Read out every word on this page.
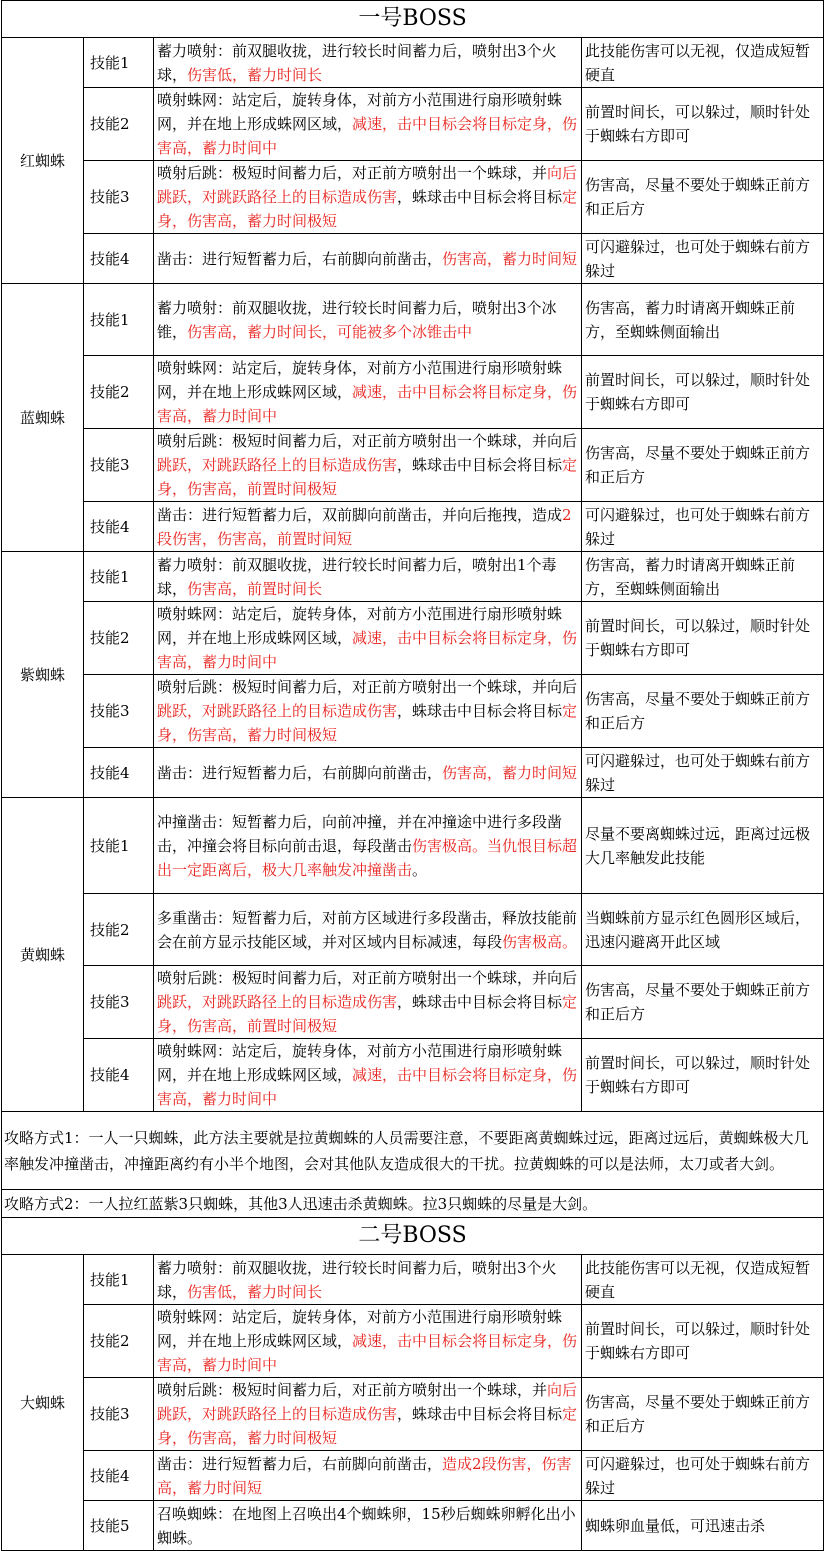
一号BOSS			
红蜘蛛	技能1	蓄力喷射：前双腿收拢，进行较长时间蓄力后，喷射出3个火球，伤害低，蓄力时间长	此技能伤害可以无视，仅造成短暂硬直
	技能2	喷射蛛网：站定后，旋转身体，对前方小范围进行扇形喷射蛛网，并在地上形成蛛网区域，减速，击中目标会将目标定身，伤害高，蓄力时间中	前置时间长，可以躲过，顺时针处于蜘蛛右方即可
	技能3	喷射后跳：极短时间蓄力后，对正前方喷射出一个蛛球，并向后跳跃，对跳跃路径上的目标造成伤害，蛛球击中目标会将目标定身，伤害高，蓄力时间极短	伤害高，尽量不要处于蜘蛛正前方和正后方
	技能4	凿击：进行短暂蓄力后，右前脚向前凿击，伤害高，蓄力时间短	可闪避躲过，也可处于蜘蛛右前方躲过
蓝蜘蛛	技能1	蓄力喷射：前双腿收拢，进行较长时间蓄力后，喷射出3个冰锥，伤害高，蓄力时间长，可能被多个冰锥击中	伤害高，蓄力时请离开蜘蛛正前方，至蜘蛛侧面输出
	技能2	喷射蛛网：站定后，旋转身体，对前方小范围进行扇形喷射蛛网，并在地上形成蛛网区域，减速，击中目标会将目标定身，伤害高，蓄力时间中	前置时间长，可以躲过，顺时针处于蜘蛛右方即可
	技能3	喷射后跳：极短时间蓄力后，对正前方喷射出一个蛛球，并向后跳跃，对跳跃路径上的目标造成伤害，蛛球击中目标会将目标定身，伤害高，前置时间极短	伤害高，尽量不要处于蜘蛛正前方和正后方
	技能4	凿击：进行短暂蓄力后，双前脚向前凿击，并向后拖拽，造成2段伤害，伤害高，前置时间短	可闪避躲过，也可处于蜘蛛右前方躲过
紫蜘蛛	技能1	蓄力喷射：前双腿收拢，进行较长时间蓄力后，喷射出1个毒球，伤害高，前置时间长	伤害高，蓄力时请离开蜘蛛正前方，至蜘蛛侧面输出
	技能2	喷射蛛网：站定后，旋转身体，对前方小范围进行扇形喷射蛛网，并在地上形成蛛网区域，减速，击中目标会将目标定身，伤害高，蓄力时间中	前置时间长，可以躲过，顺时针处于蜘蛛右方即可
	技能3	喷射后跳：极短时间蓄力后，对正前方喷射出一个蛛球，并向后跳跃，对跳跃路径上的目标造成伤害，蛛球击中目标会将目标定身，伤害高，蓄力时间极短	伤害高，尽量不要处于蜘蛛正前方和正后方
	技能4	凿击：进行短暂蓄力后，右前脚向前凿击，伤害高，蓄力时间短	可闪避躲过，也可处于蜘蛛右前方躲过
黄蜘蛛	技能1	冲撞凿击：短暂蓄力后，向前冲撞，并在冲撞途中进行多段凿击，冲撞会将目标向前击退，每段凿击伤害极高。当仇恨目标超出一定距离后，极大几率触发冲撞凿击。	尽量不要离蜘蛛过远，距离过远极大几率触发此技能
	技能2	多重凿击：短暂蓄力后，对前方区域进行多段凿击，释放技能前会在前方显示技能区域，并对区域内目标减速，每段伤害极高。	当蜘蛛前方显示红色圆形区域后，迅速闪避离开此区域
	技能3	喷射后跳：极短时间蓄力后，对正前方喷射出一个蛛球，并向后跳跃，对跳跃路径上的目标造成伤害，蛛球击中目标会将目标定身，伤害高，前置时间极短	伤害高，尽量不要处于蜘蛛正前方和正后方
	技能4	喷射蛛网：站定后，旋转身体，对前方小范围进行扇形喷射蛛网，并在地上形成蛛网区域，减速，击中目标会将目标定身，伤害高，蓄力时间中	前置时间长，可以躲过，顺时针处于蜘蛛右方即可
攻略方式1：一人一只蜘蛛，此方法主要就是拉黄蜘蛛的人员需要注意，不要距离黄蜘蛛过远，距离过远后，黄蜘蛛极大几率触发冲撞凿击，冲撞距离约有小半个地图，会对其他队友造成很大的干扰。拉黄蜘蛛的可以是法师，太刀或者大剑。			
攻略方式2：一人拉红蓝紫3只蜘蛛，其他3人迅速击杀黄蜘蛛。拉3只蜘蛛的尽量是大剑。			
二号BOSS			
大蜘蛛	技能1	蓄力喷射：前双腿收拢，进行较长时间蓄力后，喷射出3个火球，伤害低，蓄力时间长	此技能伤害可以无视，仅造成短暂硬直
	技能2	喷射蛛网：站定后，旋转身体，对前方小范围进行扇形喷射蛛网，并在地上形成蛛网区域，减速，击中目标会将目标定身，伤害高，蓄力时间中	前置时间长，可以躲过，顺时针处于蜘蛛右方即可
	技能3	喷射后跳：极短时间蓄力后，对正前方喷射出一个蛛球，并向后跳跃，对跳跃路径上的目标造成伤害，蛛球击中目标会将目标定身，伤害高，蓄力时间极短	伤害高，尽量不要处于蜘蛛正前方和正后方
	技能4	凿击：进行短暂蓄力后，右前脚向前凿击，造成2段伤害，伤害高，蓄力时间短	可闪避躲过，也可处于蜘蛛右前方躲过
	技能5	召唤蜘蛛：在地图上召唤出4个蜘蛛卵，15秒后蜘蛛卵孵化出小蜘蛛。	蜘蛛卵血量低，可迅速击杀
